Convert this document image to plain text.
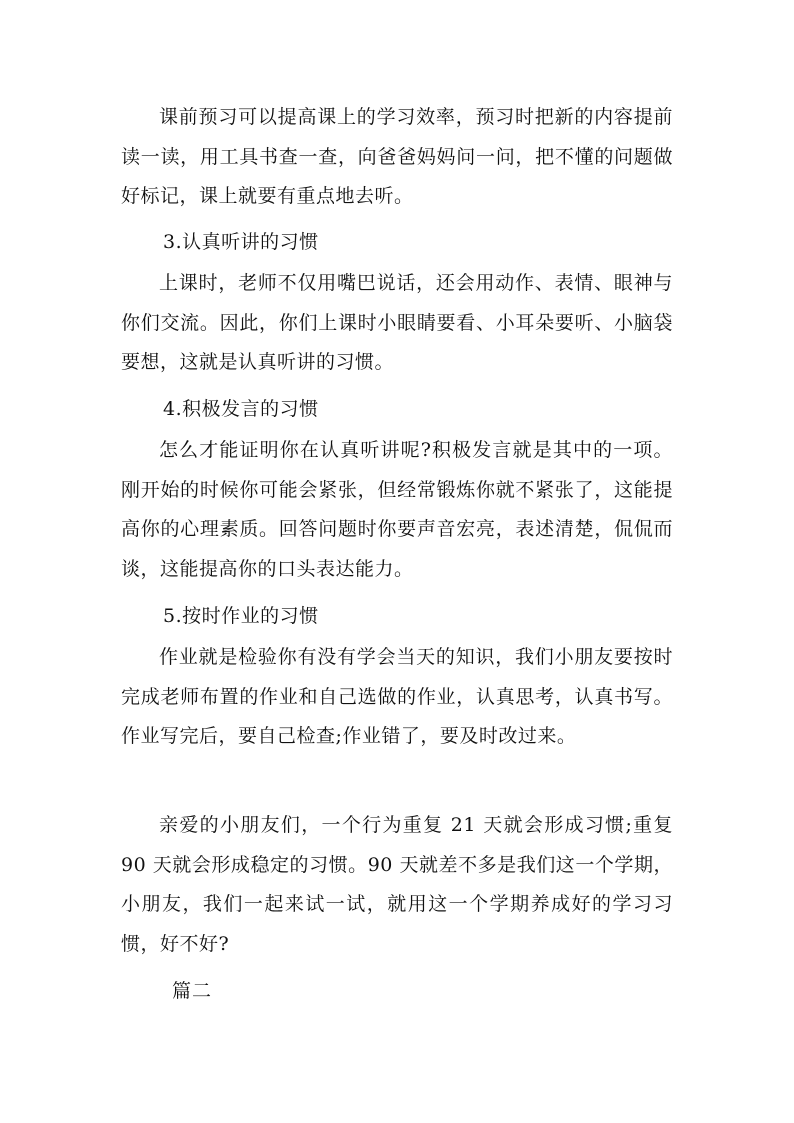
课前预习可以提高课上的学习效率，预习时把新的内容提前读一读，用工具书查一查，向爸爸妈妈问一问，把不懂的问题做好标记，课上就要有重点地去听。

3.认真听讲的习惯

上课时，老师不仅用嘴巴说话，还会用动作、表情、眼神与你们交流。因此，你们上课时小眼睛要看、小耳朵要听、小脑袋要想，这就是认真听讲的习惯。

4.积极发言的习惯

怎么才能证明你在认真听讲呢?积极发言就是其中的一项。刚开始的时候你可能会紧张，但经常锻炼你就不紧张了，这能提高你的心理素质。回答问题时你要声音宏亮，表述清楚，侃侃而谈，这能提高你的口头表达能力。

5.按时作业的习惯

作业就是检验你有没有学会当天的知识，我们小朋友要按时完成老师布置的作业和自己选做的作业，认真思考，认真书写。作业写完后，要自己检查;作业错了，要及时改过来。

亲爱的小朋友们，一个行为重复 21 天就会形成习惯;重复 90 天就会形成稳定的习惯。90 天就差不多是我们这一个学期，小朋友，我们一起来试一试，就用这一个学期养成好的学习习惯，好不好?

篇二
